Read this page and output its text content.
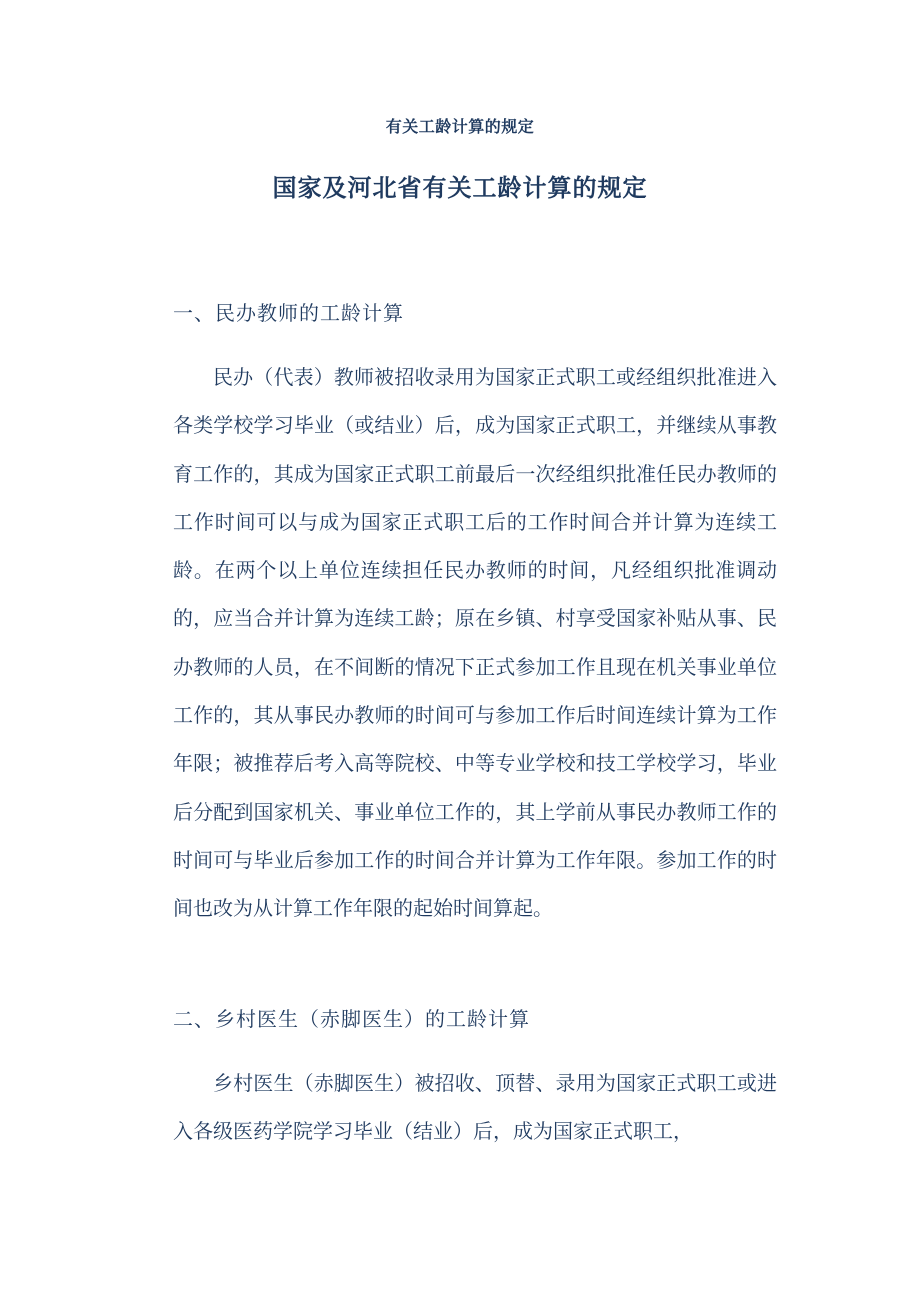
有关工龄计算的规定
国家及河北省有关工龄计算的规定
一、民办教师的工龄计算
民办（代表）教师被招收录用为国家正式职工或经组织批准进入各类学校学习毕业（或结业）后，成为国家正式职工，并继续从事教育工作的，其成为国家正式职工前最后一次经组织批准任民办教师的工作时间可以与成为国家正式职工后的工作时间合并计算为连续工龄。在两个以上单位连续担任民办教师的时间，凡经组织批准调动的，应当合并计算为连续工龄；原在乡镇、村享受国家补贴从事、民办教师的人员，在不间断的情况下正式参加工作且现在机关事业单位工作的，其从事民办教师的时间可与参加工作后时间连续计算为工作年限；被推荐后考入高等院校、中等专业学校和技工学校学习，毕业后分配到国家机关、事业单位工作的，其上学前从事民办教师工作的时间可与毕业后参加工作的时间合并计算为工作年限。参加工作的时间也改为从计算工作年限的起始时间算起。
二、乡村医生（赤脚医生）的工龄计算
乡村医生（赤脚医生）被招收、顶替、录用为国家正式职工或进入各级医药学院学习毕业（结业）后，成为国家正式职工，
